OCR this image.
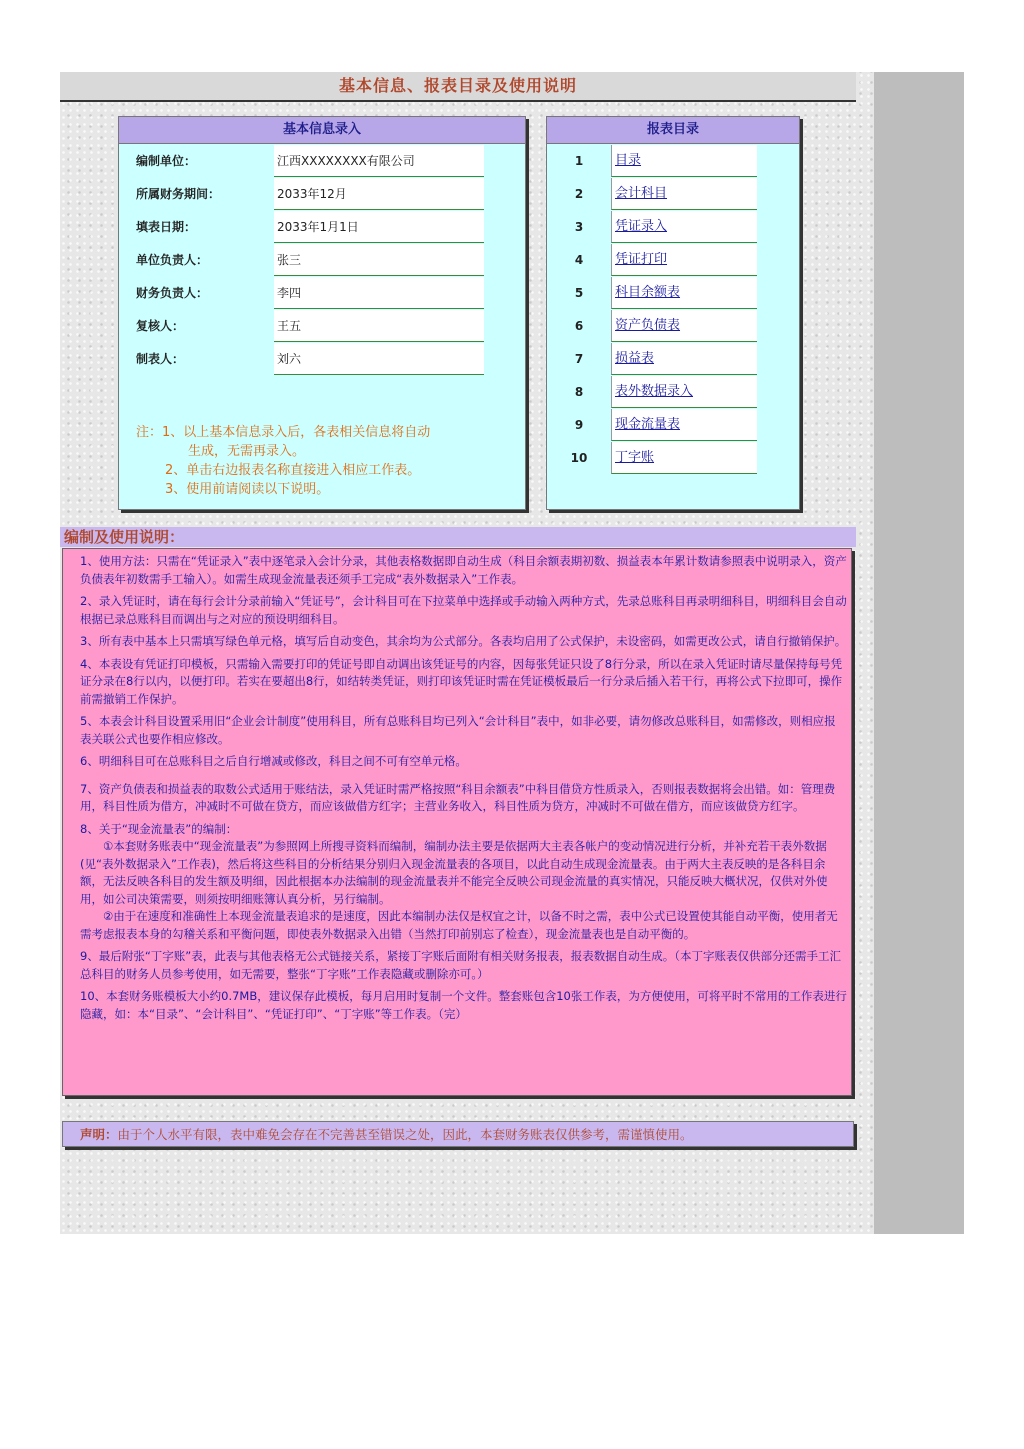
基本信息、报表目录及使用说明
基本信息录入
编制单位：	江西XXXXXXXX有限公司
所属财务期间：	2033年12月
填表日期：	2033年1月1日
单位负责人：	张三
财务负责人：	李四
复核人：	王五
制表人：	刘六
注：1、以上基本信息录入后，各表相关信息将自动
生成，无需再录入。
2、单击右边报表名称直接进入相应工作表。
3、使用前请阅读以下说明。
报表目录
1	目录
2	会计科目
3	凭证录入
4	凭证打印
5	科目余额表
6	资产负债表
7	损益表
8	表外数据录入
9	现金流量表
10	丁字账
编制及使用说明：

1、使用方法：只需在“凭证录入”表中逐笔录入会计分录，其他表格数据即自动生成（科目余额表期初数、损益表本年累计数请参照表中说明录入，资产负债表年初数需手工输入）。如需生成现金流量表还须手工完成“表外数据录入”工作表。

2、录入凭证时，请在每行会计分录前输入“凭证号”，会计科目可在下拉菜单中选择或手动输入两种方式，先录总账科目再录明细科目，明细科目会自动根据已录总账科目而调出与之对应的预设明细科目。

3、所有表中基本上只需填写绿色单元格，填写后自动变色，其余均为公式部分。各表均启用了公式保护，未设密码，如需更改公式，请自行撤销保护。

4、本表设有凭证打印模板，只需输入需要打印的凭证号即自动调出该凭证号的内容，因每张凭证只设了8行分录，所以在录入凭证时请尽量保持每号凭证分录在8行以内，以便打印。若实在要超出8行，如结转类凭证，则打印该凭证时需在凭证模板最后一行分录后插入若干行，再将公式下拉即可，操作前需撤销工作保护。

5、本表会计科目设置采用旧“企业会计制度”使用科目，所有总账科目均已列入“会计科目”表中，如非必要，请勿修改总账科目，如需修改，则相应报表关联公式也要作相应修改。

6、明细科目可在总账科目之后自行增减或修改，科目之间不可有空单元格。

7、资产负债表和损益表的取数公式适用于账结法，录入凭证时需严格按照“科目余额表”中科目借贷方性质录入，否则报表数据将会出错。如：管理费用，科目性质为借方，冲减时不可做在贷方，而应该做借方红字；主营业务收入，科目性质为贷方，冲减时不可做在借方，而应该做贷方红字。

8、关于“现金流量表”的编制：

①本套财务账表中“现金流量表”为参照网上所搜寻资料而编制，编制办法主要是依据两大主表各帐户的变动情况进行分析，并补充若干表外数据(见“表外数据录入”工作表)，然后将这些科目的分析结果分别归入现金流量表的各项目，以此自动生成现金流量表。由于两大主表反映的是各科目余额，无法反映各科目的发生额及明细，因此根据本办法编制的现金流量表并不能完全反映公司现金流量的真实情况，只能反映大概状况，仅供对外使用，如公司决策需要，则须按明细账簿认真分析，另行编制。

②由于在速度和准确性上本现金流量表追求的是速度，因此本编制办法仅是权宜之计，以备不时之需，表中公式已设置使其能自动平衡，使用者无需考虑报表本身的勾稽关系和平衡问题，即使表外数据录入出错（当然打印前别忘了检查），现金流量表也是自动平衡的。

9、最后附张“丁字账”表，此表与其他表格无公式链接关系，紧接丁字账后面附有相关财务报表，报表数据自动生成。（本丁字账表仅供部分还需手工汇总科目的财务人员参考使用，如无需要，整张“丁字账”工作表隐藏或删除亦可。）

10、本套财务账模板大小约0.7MB，建议保存此模板，每月启用时复制一个文件。整套账包含10张工作表，为方便使用，可将平时不常用的工作表进行隐藏，如：本“目录”、“会计科目”、“凭证打印”、“丁字账”等工作表。（完）

声明：由于个人水平有限，表中难免会存在不完善甚至错误之处，因此，本套财务账表仅供参考，需谨慎使用。
